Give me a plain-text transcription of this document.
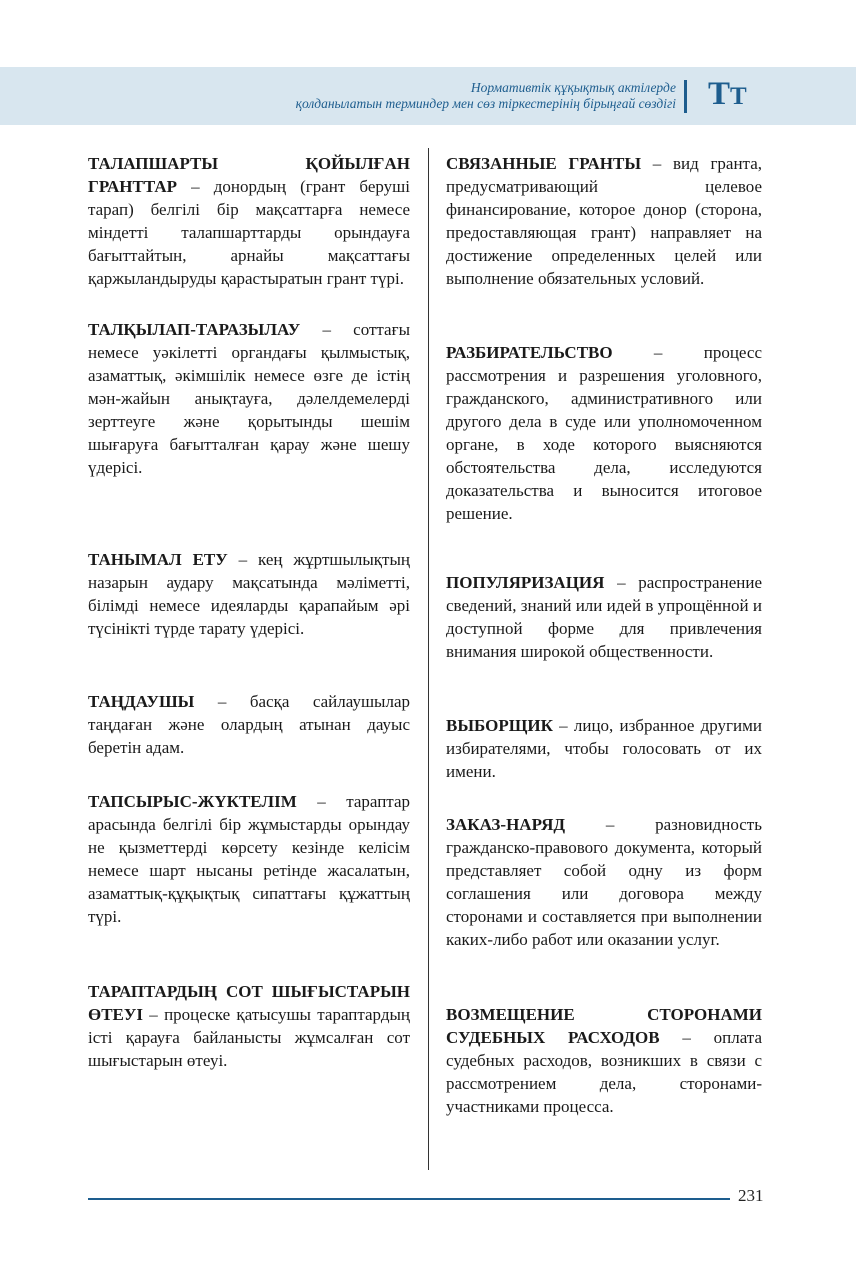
Нормативтік құқықтық актілерде
қолданылатын терминдер мен сөз тіркестерінің бірыңғай сөздігі ТТ

ТАЛАПШАРТЫ ҚОЙЫЛҒАН ГРАНТТАР – донордың (грант беруші тарап) белгілі бір мақсаттарға немесе міндетті талапшарттарды орындауға бағыттайтын, арнайы мақсаттағы қаржыландыруды қарастыратын грант түрі.

ТАЛҚЫЛАП-ТАРАЗЫЛАУ – соттағы немесе уәкілетті органдағы қылмыстық, азаматтық, әкімшілік немесе өзге де істің мән-жайын анықтауға, дәлелдемелерді зерттеуге және қорытынды шешім шығаруға бағытталған қарау және шешу үдерісі.

ТАНЫМАЛ ЕТУ – кең жұртшылықтың назарын аудару мақсатында мәліметті, білімді немесе идеяларды қарапайым әрі түсінікті түрде тарату үдерісі.

ТАҢДАУШЫ – басқа сайлаушылар таңдаған және олардың атынан дауыс беретін адам.

ТАПСЫРЫС-ЖҮКТЕЛІМ – тараптар арасында белгілі бір жұмыстарды орындау не қызметтерді көрсету кезінде келісім немесе шарт нысаны ретінде жасалатын, азаматтық-құқықтық сипаттағы құжаттың түрі.

ТАРАПТАРДЫҢ СОТ ШЫҒЫСТАРЫН ӨТЕУІ – процеске қатысушы тараптардың істі қарауға байланысты жұмсалған сот шығыстарын өтеуі.

СВЯЗАННЫЕ ГРАНТЫ – вид гранта, предусматривающий целевое финансирование, которое донор (сторона, предоставляющая грант) направляет на достижение определенных целей или выполнение обязательных условий.

РАЗБИРАТЕЛЬСТВО – процесс рассмотрения и разрешения уголовного, гражданского, административного или другого дела в суде или уполномоченном органе, в ходе которого выясняются обстоятельства дела, исследуются доказательства и выносится итоговое решение.

ПОПУЛЯРИЗАЦИЯ – распространение сведений, знаний или идей в упрощённой и доступной форме для привлечения внимания широкой общественности.

ВЫБОРЩИК – лицо, избранное другими избирателями, чтобы голосовать от их имени.

ЗАКАЗ-НАРЯД – разновидность гражданско-правового документа, который представляет собой одну из форм соглашения или договора между сторонами и составляется при выполнении каких-либо работ или оказании услуг.

ВОЗМЕЩЕНИЕ СТОРОНАМИ СУДЕБНЫХ РАСХОДОВ – оплата судебных расходов, возникших в связи с рассмотрением дела, сторонами-участниками процесса.

231
